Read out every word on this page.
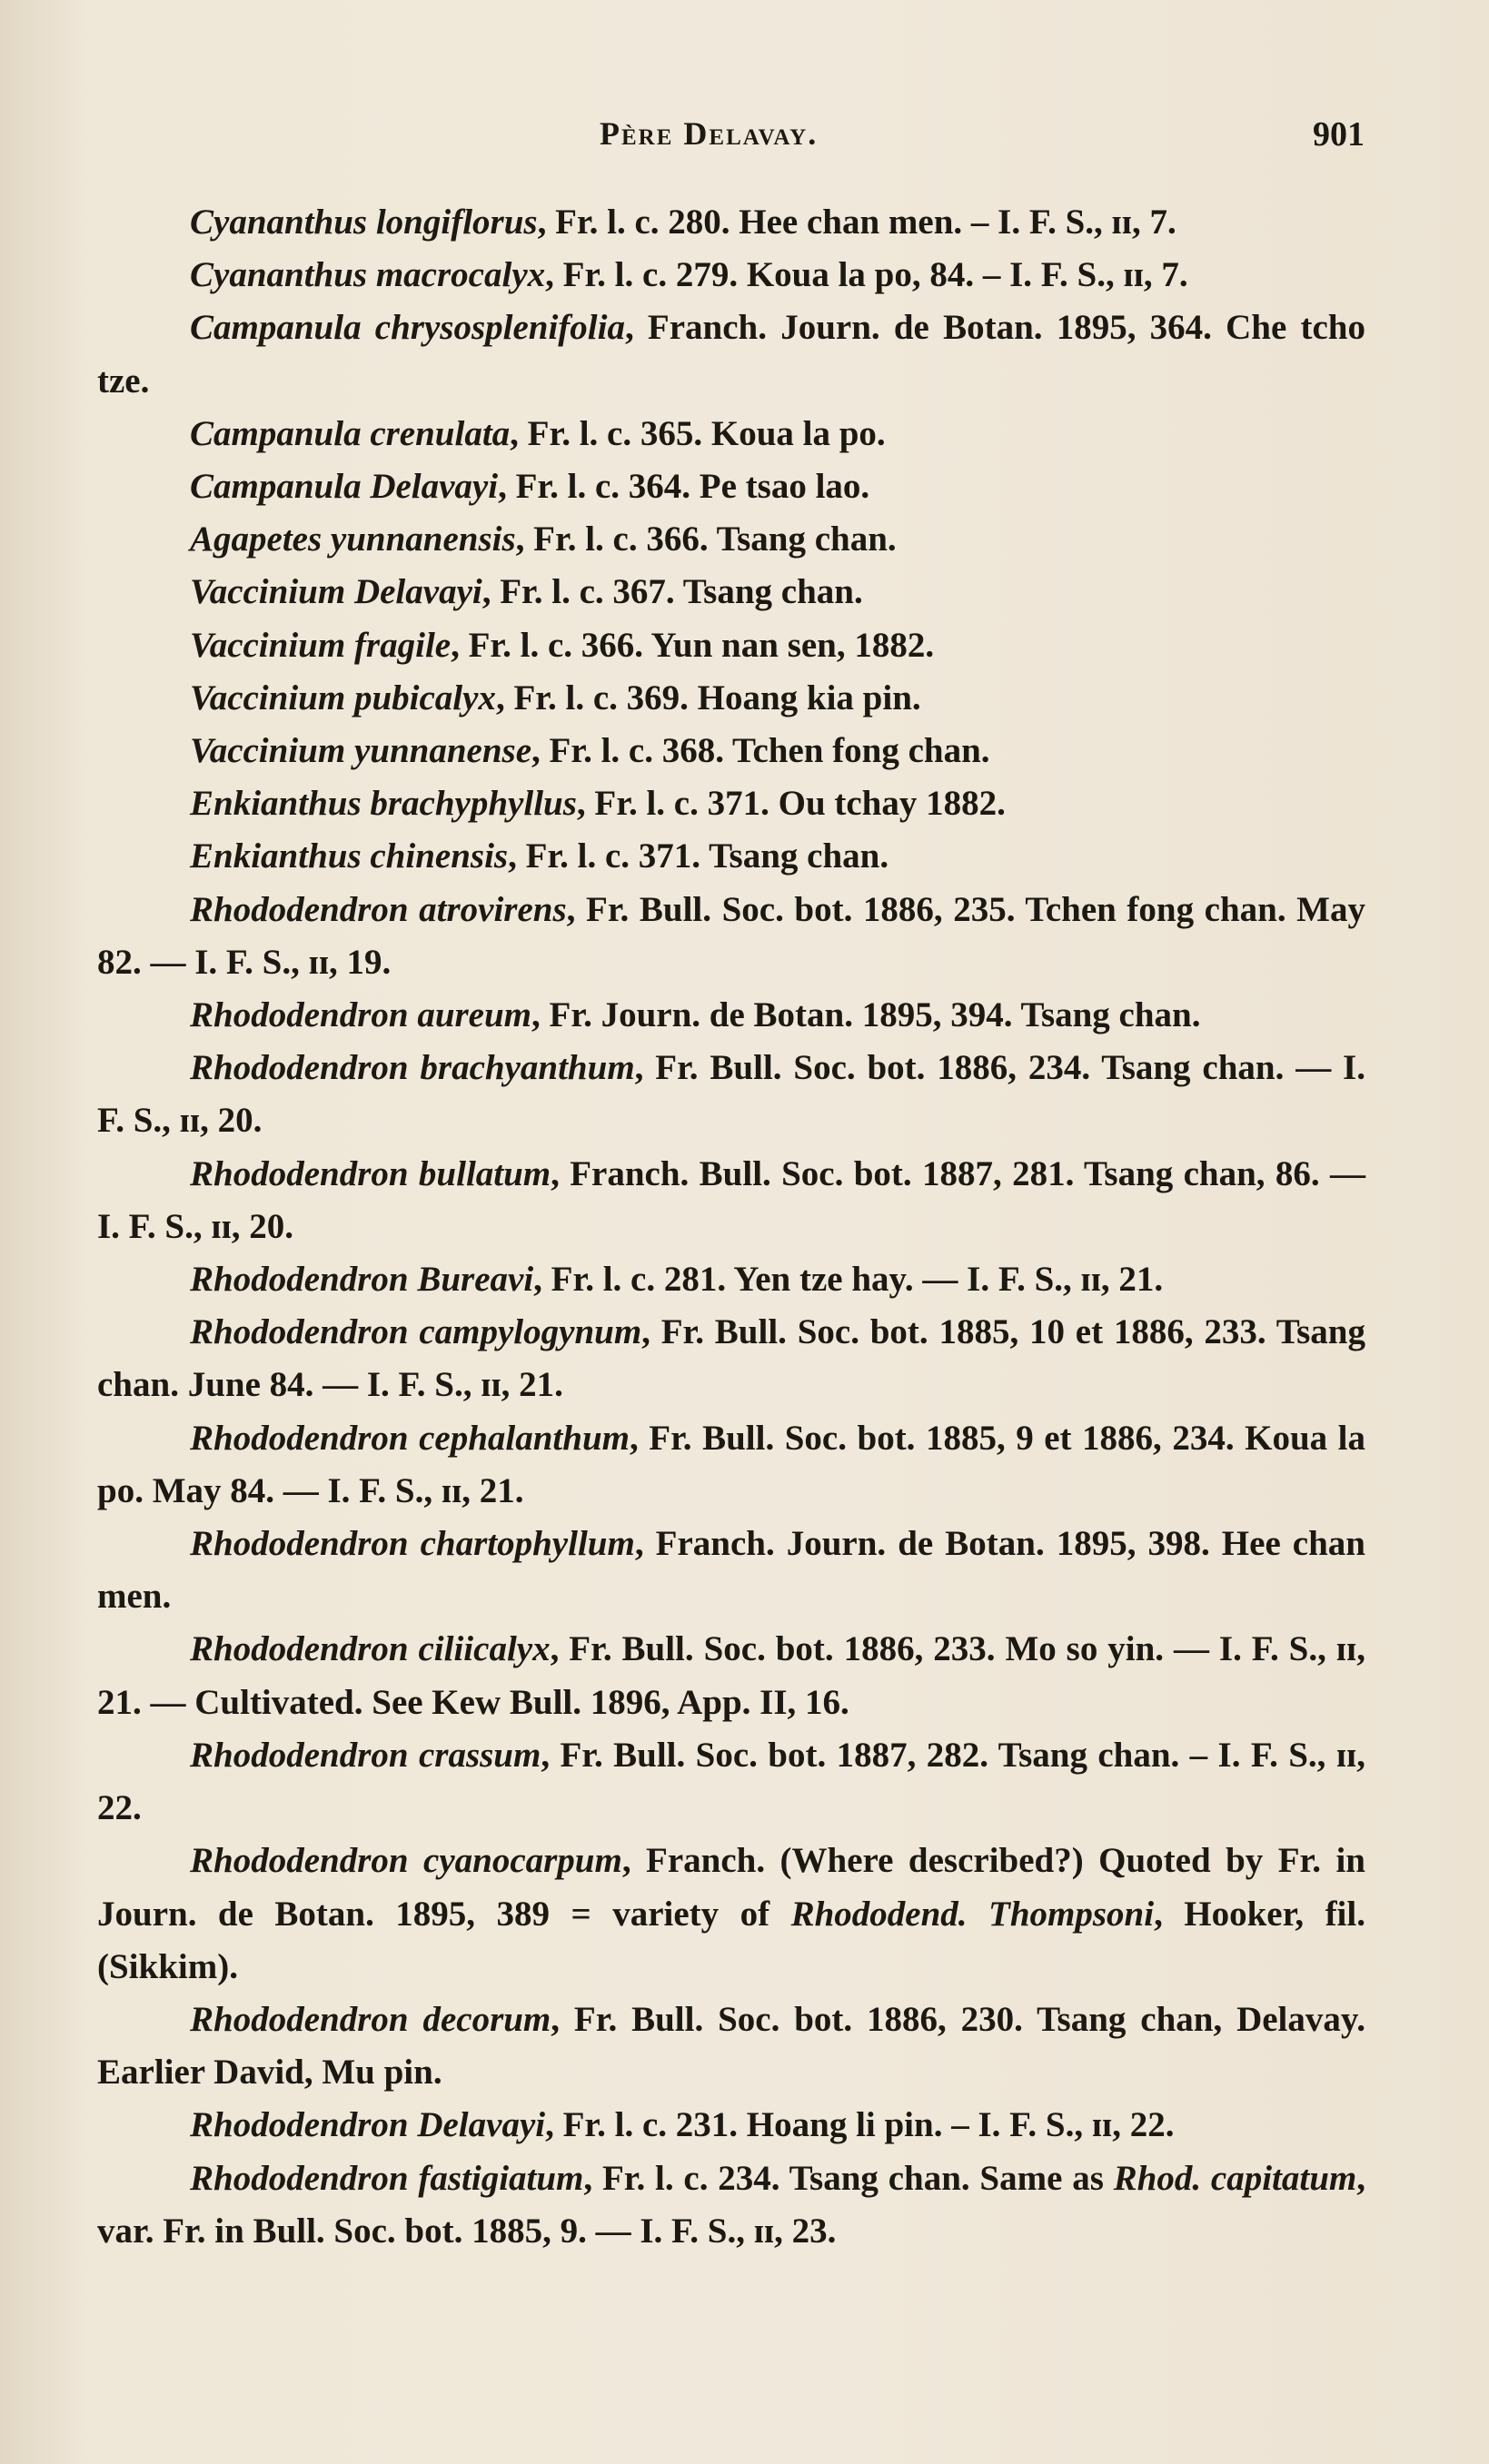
Père Delavay.	901

Cyananthus longiflorus, Fr. l. c. 280. Hee chan men. – I. F. S., ɪɪ, 7.

Cyananthus macrocalyx, Fr. l. c. 279. Koua la po, 84. – I. F. S., ɪɪ, 7.

Campanula chrysosplenifolia, Franch. Journ. de Botan. 1895, 364. Che tcho tze.

Campanula crenulata, Fr. l. c. 365. Koua la po.

Campanula Delavayi, Fr. l. c. 364. Pe tsao lao.

Agapetes yunnanensis, Fr. l. c. 366. Tsang chan.

Vaccinium Delavayi, Fr. l. c. 367. Tsang chan.

Vaccinium fragile, Fr. l. c. 366. Yun nan sen, 1882.

Vaccinium pubicalyx, Fr. l. c. 369. Hoang kia pin.

Vaccinium yunnanense, Fr. l. c. 368. Tchen fong chan.

Enkianthus brachyphyllus, Fr. l. c. 371. Ou tchay 1882.

Enkianthus chinensis, Fr. l. c. 371. Tsang chan.

Rhododendron atrovirens, Fr. Bull. Soc. bot. 1886, 235. Tchen fong chan. May 82. — I. F. S., ɪɪ, 19.

Rhododendron aureum, Fr. Journ. de Botan. 1895, 394. Tsang chan.

Rhododendron brachyanthum, Fr. Bull. Soc. bot. 1886, 234. Tsang chan. — I. F. S., ɪɪ, 20.

Rhododendron bullatum, Franch. Bull. Soc. bot. 1887, 281. Tsang chan, 86. — I. F. S., ɪɪ, 20.

Rhododendron Bureavi, Fr. l. c. 281. Yen tze hay. — I. F. S., ɪɪ, 21.

Rhododendron campylogynum, Fr. Bull. Soc. bot. 1885, 10 et 1886, 233. Tsang chan. June 84. — I. F. S., ɪɪ, 21.

Rhododendron cephalanthum, Fr. Bull. Soc. bot. 1885, 9 et 1886, 234. Koua la po. May 84. — I. F. S., ɪɪ, 21.

Rhododendron chartophyllum, Franch. Journ. de Botan. 1895, 398. Hee chan men.

Rhododendron ciliicalyx, Fr. Bull. Soc. bot. 1886, 233. Mo so yin. — I. F. S., ɪɪ, 21. — Cultivated. See Kew Bull. 1896, App. II, 16.

Rhododendron crassum, Fr. Bull. Soc. bot. 1887, 282. Tsang chan. – I. F. S., ɪɪ, 22.

Rhododendron cyanocarpum, Franch. (Where described?) Quoted by Fr. in Journ. de Botan. 1895, 389 = variety of Rhododend. Thompsoni, Hooker, fil. (Sikkim).

Rhododendron decorum, Fr. Bull. Soc. bot. 1886, 230. Tsang chan, Delavay. Earlier David, Mu pin.

Rhododendron Delavayi, Fr. l. c. 231. Hoang li pin. – I. F. S., ɪɪ, 22.

Rhododendron fastigiatum, Fr. l. c. 234. Tsang chan. Same as Rhod. capitatum, var. Fr. in Bull. Soc. bot. 1885, 9. — I. F. S., ɪɪ, 23.
